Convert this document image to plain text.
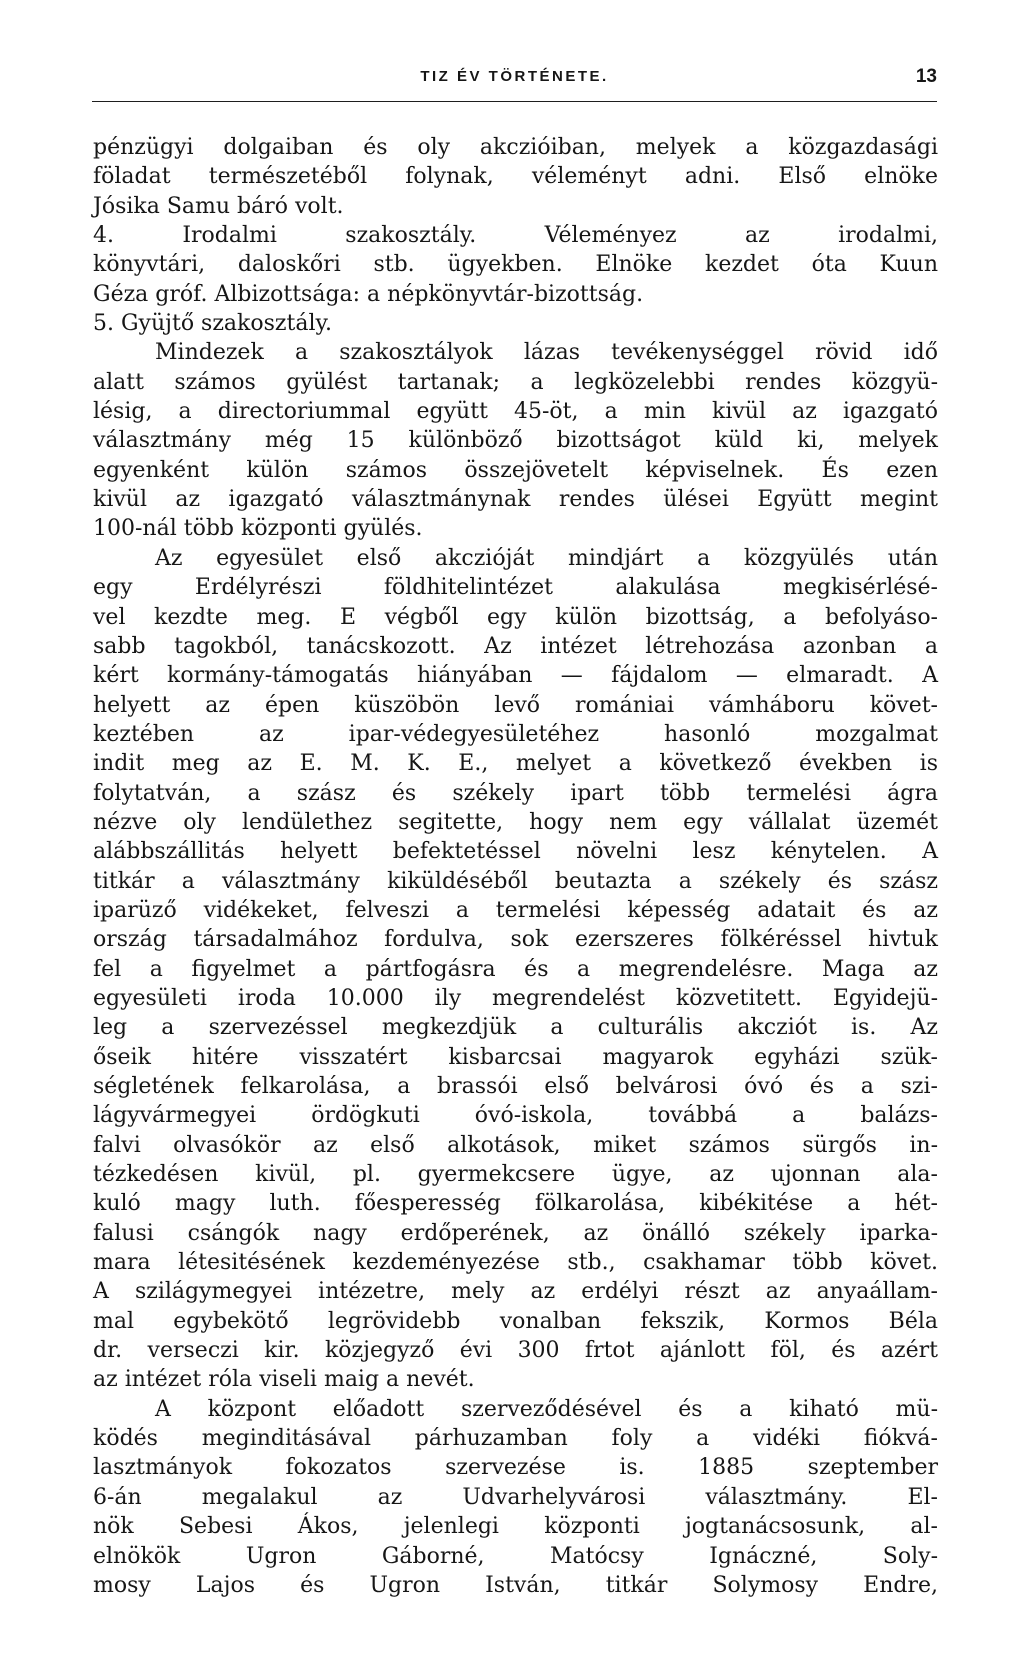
TIZ ÉV TÖRTÉNETE.	13
pénzügyi dolgaiban és oly akczióiban, melyek a közgazdasági
föladat természetéből folynak, véleményt adni. Első elnöke
Jósika Samu báró volt.
4. Irodalmi szakosztály. Véleményez az irodalmi,
könyvtári, daloskőri stb. ügyekben. Elnöke kezdet óta Kuun
Géza gróf. Albizottsága: a népkönyvtár-bizottság.
5. Gyüjtő szakosztály.
Mindezek a szakosztályok lázas tevékenységgel rövid idő
alatt számos gyülést tartanak; a legközelebbi rendes közgyü-
lésig, a directoriummal együtt 45-öt, a min kivül az igazgató
választmány még 15 különböző bizottságot küld ki, melyek
egyenként külön számos összejövetelt képviselnek. És ezen
kivül az igazgató választmánynak rendes ülései Együtt megint
100-nál több központi gyülés.
Az egyesület első akczióját mindjárt a közgyülés után
egy Erdélyrészi földhitelintézet alakulása megkisérlésé-
vel kezdte meg. E végből egy külön bizottság, a befolyáso-
sabb tagokból, tanácskozott. Az intézet létrehozása azonban a
kért kormány-támogatás hiányában — fájdalom — elmaradt. A
helyett az épen küszöbön levő romániai vámháboru követ-
keztében az ipar-védegyesületéhez hasonló mozgalmat
indit meg az E. M. K. E., melyet a következő években is
folytatván, a szász és székely ipart több termelési ágra
nézve oly lendülethez segitette, hogy nem egy vállalat üzemét
alábbszállitás helyett befektetéssel növelni lesz kénytelen. A
titkár a választmány kiküldéséből beutazta a székely és szász
iparüző vidékeket, felveszi a termelési képesség adatait és az
ország társadalmához fordulva, sok ezerszeres fölkéréssel hivtuk
fel a figyelmet a pártfogásra és a megrendelésre. Maga az
egyesületi iroda 10.000 ily megrendelést közvetitett. Egyidejü-
leg a szervezéssel megkezdjük a culturális akcziót is. Az
őseik hitére visszatért kisbarcsai magyarok egyházi szük-
ségletének felkarolása, a brassói első belvárosi óvó és a szi-
lágyvármegyei ördögkuti óvó-iskola, továbbá a balázs-
falvi olvasókör az első alkotások, miket számos sürgős in-
tézkedésen kivül, pl. gyermekcsere ügye, az ujonnan ala-
kuló magy luth. főesperesség fölkarolása, kibékitése a hét-
falusi csángók nagy erdőperének, az önálló székely iparka-
mara létesitésének kezdeményezése stb., csakhamar több követ.
A szilágymegyei intézetre, mely az erdélyi részt az anyaállam-
mal egybekötő legrövidebb vonalban fekszik, Kormos Béla
dr. verseczi kir. közjegyző évi 300 frtot ajánlott föl, és azért
az intézet róla viseli maig a nevét.
A központ előadott szerveződésével és a kiható mü-
ködés meginditásával párhuzamban foly a vidéki fiókvá-
lasztmányok fokozatos szervezése is. 1885 szeptember
6-án megalakul az Udvarhelyvárosi választmány. El-
nök Sebesi Ákos, jelenlegi központi jogtanácsosunk, al-
elnökök Ugron Gáborné, Matócsy Ignáczné, Soly-
mosy Lajos és Ugron István, titkár Solymosy Endre,
